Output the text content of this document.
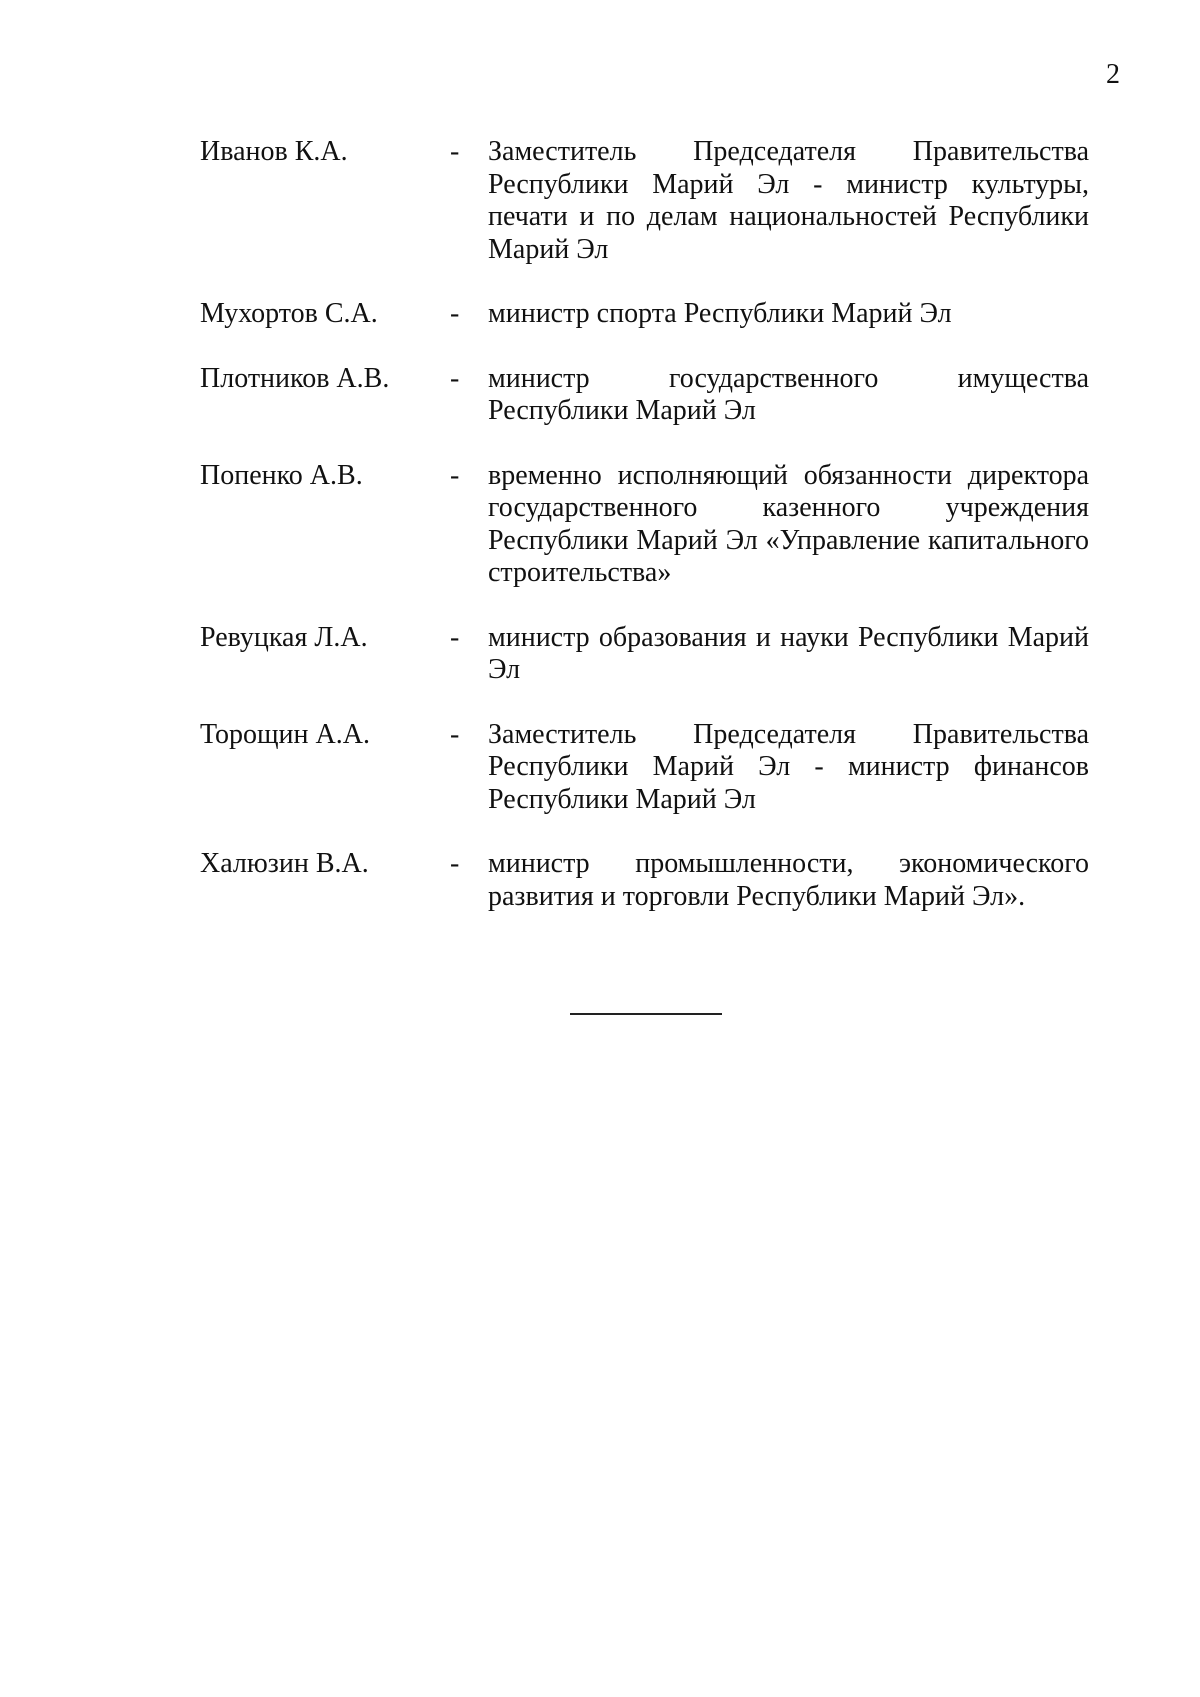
2
Иванов К.А.	-	Заместитель Председателя Правительства Республики Марий Эл - министр культуры, печати и по делам национальностей Республики Марий Эл
Мухортов С.А.	-	министр спорта Республики Марий Эл
Плотников А.В.	-	министр государственного имущества Республики Марий Эл
Попенко А.В.	-	временно исполняющий обязанности директора государственного казенного учреждения Республики Марий Эл «Управление капитального строительства»
Ревуцкая Л.А.	-	министр образования и науки Республики Марий Эл
Торощин А.А.	-	Заместитель Председателя Правительства Республики Марий Эл - министр финансов Республики Марий Эл
Халюзин В.А.	-	министр промышленности, экономического развития и торговли Республики Марий Эл».
